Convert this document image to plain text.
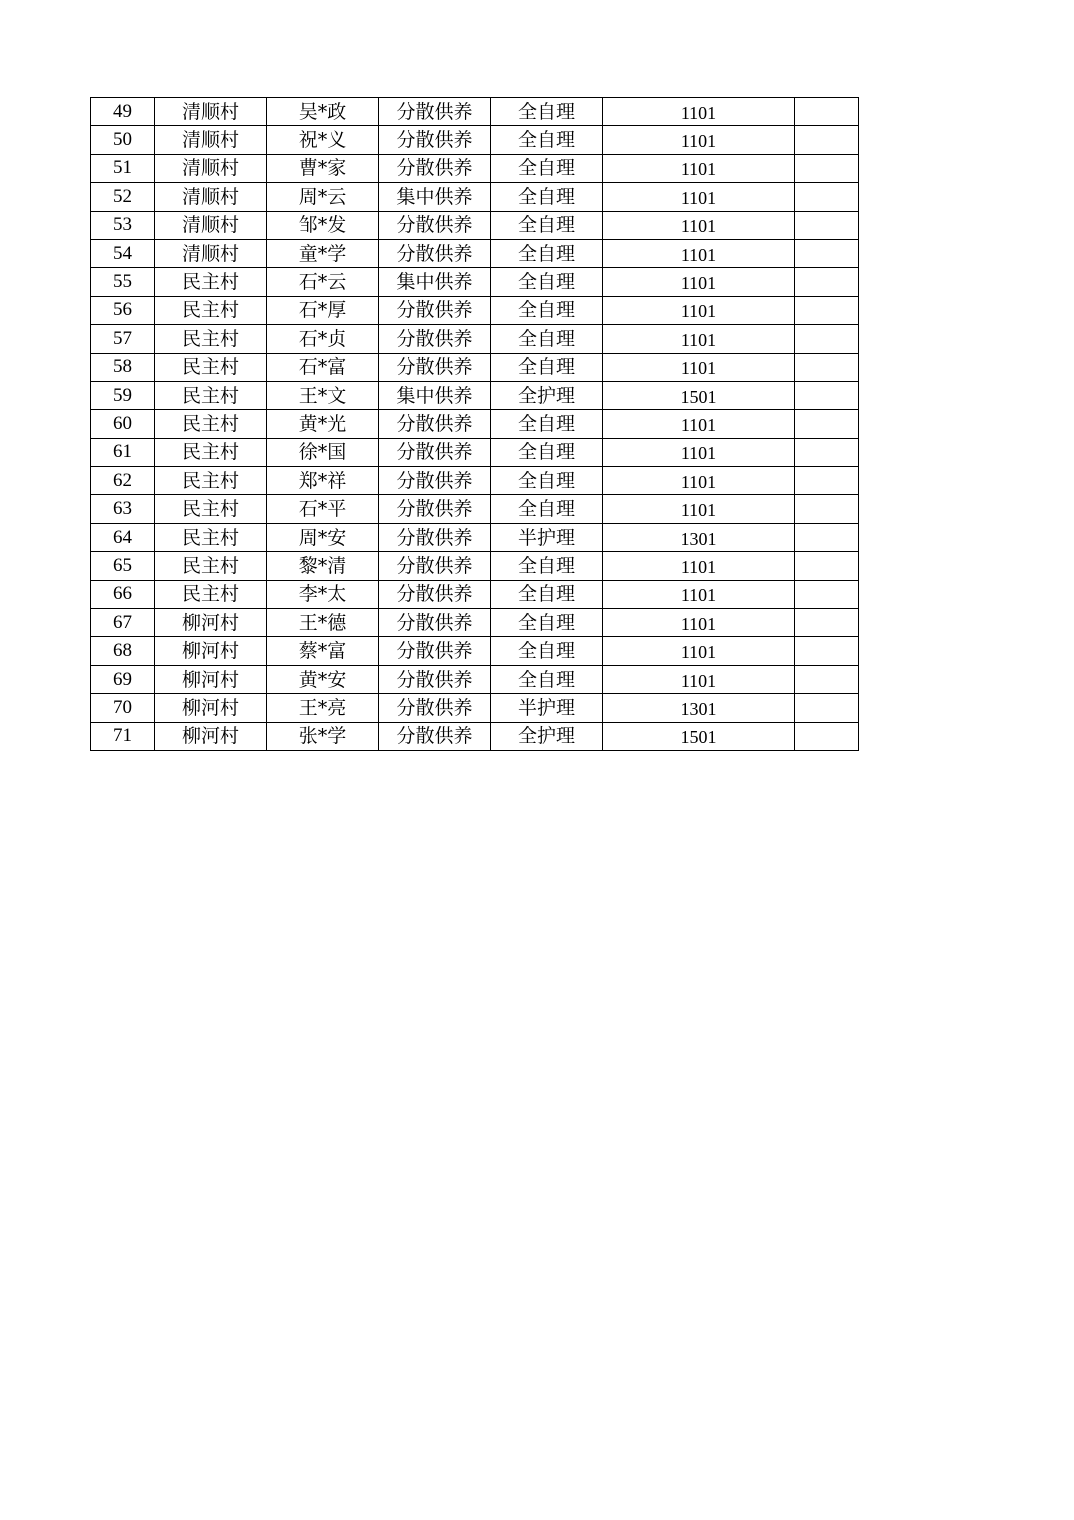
49	清顺村	吴*政	分散供养	全自理	1101	
50	清顺村	祝*义	分散供养	全自理	1101	
51	清顺村	曹*家	分散供养	全自理	1101	
52	清顺村	周*云	集中供养	全自理	1101	
53	清顺村	邹*发	分散供养	全自理	1101	
54	清顺村	童*学	分散供养	全自理	1101	
55	民主村	石*云	集中供养	全自理	1101	
56	民主村	石*厚	分散供养	全自理	1101	
57	民主村	石*贞	分散供养	全自理	1101	
58	民主村	石*富	分散供养	全自理	1101	
59	民主村	王*文	集中供养	全护理	1501	
60	民主村	黄*光	分散供养	全自理	1101	
61	民主村	徐*国	分散供养	全自理	1101	
62	民主村	郑*祥	分散供养	全自理	1101	
63	民主村	石*平	分散供养	全自理	1101	
64	民主村	周*安	分散供养	半护理	1301	
65	民主村	黎*清	分散供养	全自理	1101	
66	民主村	李*太	分散供养	全自理	1101	
67	柳河村	王*德	分散供养	全自理	1101	
68	柳河村	蔡*富	分散供养	全自理	1101	
69	柳河村	黄*安	分散供养	全自理	1101	
70	柳河村	王*亮	分散供养	半护理	1301	
71	柳河村	张*学	分散供养	全护理	1501	
